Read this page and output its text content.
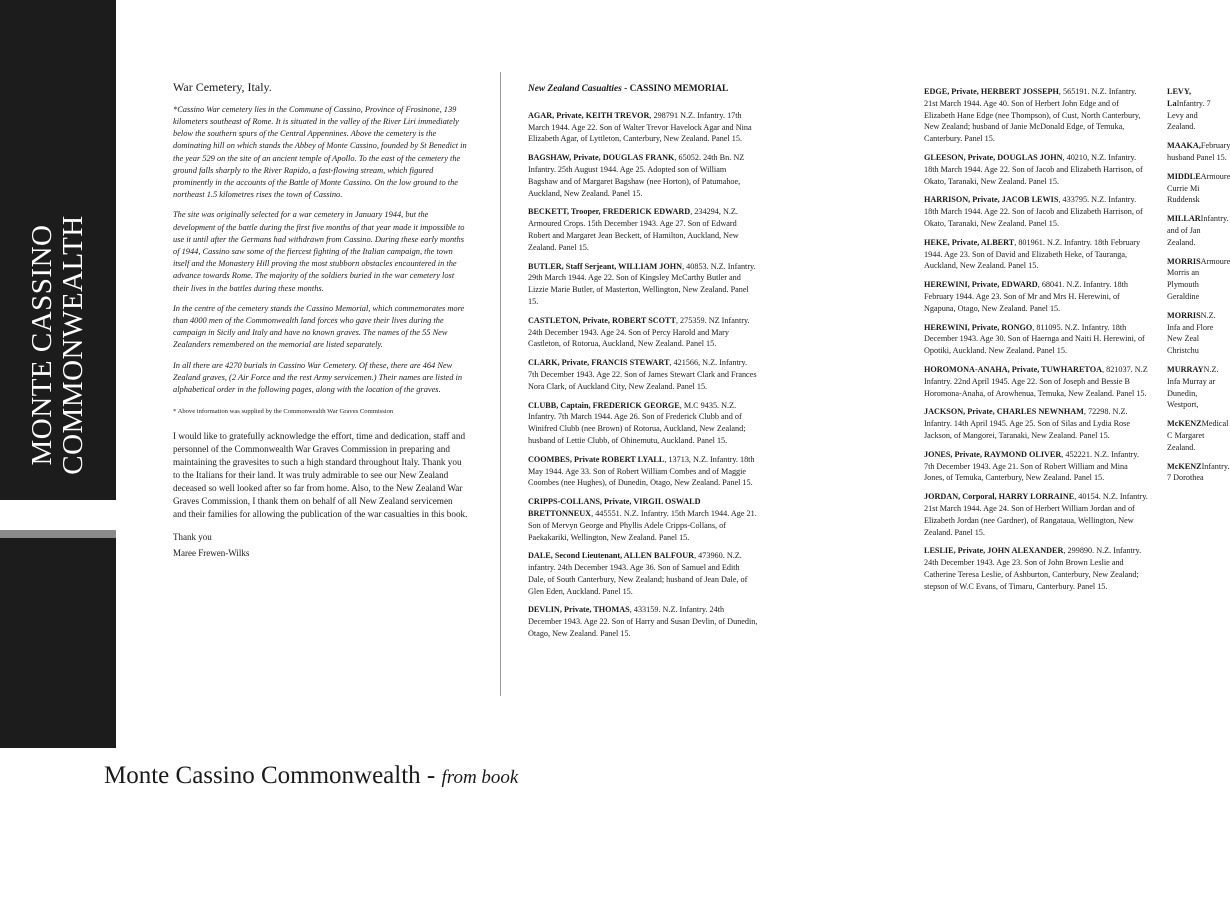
MONTE CASSINO COMMONWEALTH
War Cemetery, Italy.

*Cassino War cemetery lies in the Commune of Cassino, Province of Frosinone, 139 kilometers southeast of Rome. It is situated in the valley of the River Liri immediately below the southern spurs of the Central Appennines. Above the cemetery is the dominating hill on which stands the Abbey of Monte Cassino, founded by St Benedict in the year 529 on the site of an ancient temple of Apollo. To the east of the cemetery the ground falls sharply to the River Rapido, a fast-flowing stream, which figured prominently in the accounts of the Battle of Monte Cassino. On the low ground to the northeast 1.5 kilometres rises the town of Cassino.

The site was originally selected for a war cemetery in January 1944, but the development of the battle during the first five months of that year made it impossible to use it until after the Germans had withdrawn from Cassino. During these early months of 1944, Cassino saw some of the fiercest fighting of the Italian campaign, the town itself and the Monastery Hill proving the most stubborn obstacles encountered in the advance towards Rome. The majority of the soldiers buried in the war cemetery lost their lives in the battles during these months.

In the centre of the cemetery stands the Cassino Memorial, which commemorates more than 4000 men of the Commonwealth land forces who gave their lives during the campaign in Sicily and Italy and have no known graves. The names of the 55 New Zealanders remembered on the memorial are listed separately.

In all there are 4270 burials in Cassino War Cemetery. Of these, there are 464 New Zealand graves, (2 Air Force and the rest Army servicemen.) Their names are listed in alphabetical order in the following pages, along with the location of the graves.

* Above information was supplied by the Commonwealth War Graves Commission

I would like to gratefully acknowledge the effort, time and dedication, staff and personnel of the Commonwealth War Graves Commission in preparing and maintaining the gravesites to such a high standard throughout Italy. Thank you to the Italians for their land. It was truly admirable to see our New Zealand deceased so well looked after so far from home. Also, to the New Zealand War Graves Commission, I thank them on behalf of all New Zealand servicemen and their families for allowing the publication of the war casualties in this book.

Thank you

Maree Frewen-Wilks

New Zealand Casualties - CASSINO MEMORIAL

AGAR, Private, KEITH TREVOR, 298791 N.Z. Infantry. 17th March 1944. Age 22. Son of Walter Trevor Havelock Agar and Nina Elizabeth Agar, of Lyttleton, Canterbury, New Zealand. Panel 15.

BAGSHAW, Private, DOUGLAS FRANK, 65052. 24th Bn. NZ Infantry. 25th August 1944. Age 25. Adopted son of William Bagshaw and of Margaret Bagshaw (nee Horton), of Patumahoe, Auckland, New Zealand. Panel 15.

BECKETT, Trooper, FREDERICK EDWARD, 234294, N.Z. Armoured Crops. 15th December 1943. Age 27. Son of Edward Robert and Margaret Jean Beckett, of Hamilton, Auckland, New Zealand. Panel 15.

BUTLER, Staff Serjeant, WILLIAM JOHN, 40853. N.Z. Infantry. 29th March 1944. Age 22. Son of Kingsley McCarthy Butler and Lizzie Marie Butler, of Masterton, Wellington, New Zealand. Panel 15.

CASTLETON, Private, ROBERT SCOTT, 275359. NZ Infantry. 24th December 1943. Age 24. Son of Percy Harold and Mary Castleton, of Rotorua, Auckland, New Zealand. Panel 15.

CLARK, Private, FRANCIS STEWART, 421566, N.Z. Infantry. 7th December 1943. Age 22. Son of James Stewart Clark and Frances Nora Clark, of Auckland City, New Zealand. Panel 15.

CLUBB, Captain, FREDERICK GEORGE, M.C 9435. N.Z. Infantry. 7th March 1944. Age 26. Son of Frederick Clubb and of Winifred Clubb (nee Brown) of Rotorua, Auckland, New Zealand; husband of Lettie Clubb, of Ohinemutu, Auckland. Panel 15.

COOMBES, Private ROBERT LYALL, 13713, N.Z. Infantry. 18th May 1944. Age 33. Son of Robert William Combes and of Maggie Coombes (nee Hughes), of Dunedin, Otago, New Zealand. Panel 15.

CRIPPS-COLLANS, Private, VIRGIL OSWALD BRETTONNEUX, 445551. N.Z. Infantry. 15th March 1944. Age 21. Son of Mervyn George and Phyllis Adele Cripps-Collans, of Paekakariki, Wellington, New Zealand. Panel 15.

DALE, Second Lieutenant, ALLEN BALFOUR, 473960. N.Z. infantry. 24th December 1943. Age 36. Son of Samuel and Edith Dale, of South Canterbury, New Zealand; husband of Jean Dale, of Glen Eden, Auckland. Panel 15.

DEVLIN, Private, THOMAS, 433159. N.Z. Infantry. 24th December 1943. Age 22. Son of Harry and Susan Devlin, of Dunedin, Otago, New Zealand. Panel 15.

EDGE, Private, HERBERT JOSSEPH, 565191. N.Z. Infantry. 21st March 1944. Age 40. Son of Herbert John Edge and of Elizabeth Hane Edge (nee Thompson), of Cust, North Canterbury, New Zealand; husband of Janie McDonald Edge, of Temuka, Canterbury. Panel 15.

GLEESON, Private, DOUGLAS JOHN, 40210, N.Z. Infantry. 18th March 1944. Age 22. Son of Jacob and Elizabeth Harrison, of Okato, Taranaki, New Zealand. Panel 15.

HARRISON, Private, JACOB LEWIS, 433795. N.Z. Infantry. 18th March 1944. Age 22. Son of Jacob and Elizabeth Harrison, of Okato, Taranaki, New Zealand. Panel 15.

HEKE, Private, ALBERT, 801961. N.Z. Infantry. 18th February 1944. Age 23. Son of David and Elizabeth Heke, of Tauranga, Auckland, New Zealand. Panel 15.

HEREWINI, Private, EDWARD, 68041. N.Z. Infantry. 18th February 1944. Age 23. Son of Mr and Mrs H. Herewini, of Ngapuna, Otago, New Zealand. Panel 15.

HEREWINI, Private, RONGO, 811095. N.Z. Infantry. 18th December 1943. Age 30. Son of Haernga and Naiti H. Herewini, of Opotiki, Auckland. New Zealand. Panel 15.

HOROMONA-ANAHA, Private, TUWHARETOA, 821037. N.Z Infantry. 22nd April 1945. Age 22. Son of Joseph and Bessie B Horomona-Anaha, of Arowhenua, Temuka, New Zealand. Panel 15.

JACKSON, Private, CHARLES NEWNHAM, 72298. N.Z. Infantry. 14th April 1945. Age 25. Son of Silas and Lydia Rose Jackson, of Mangorei, Taranaki, New Zealand. Panel 15.

JONES, Private, RAYMOND OLIVER, 452221. N.Z. Infantry. 7th December 1943. Age 21. Son of Robert William and Mina Jones, of Temuka, Canterbury, New Zealand. Panel 15.

JORDAN, Corporal, HARRY LORRAINE, 40154. N.Z. Infantry. 21st March 1944. Age 24. Son of Herbert William Jordan and of Elizabeth Jordan (nee Gardner), of Rangataua, Wellington, New Zealand. Panel 15.

LESLIE, Private, JOHN ALEXANDER, 299890. N.Z. Infantry. 24th December 1943. Age 23. Son of John Brown Leslie and Catherine Teresa Leslie, of Ashburton, Canterbury, New Zealand; stepson of W.C Evans, of Timaru, Canterbury. Panel 15.

LEVY, LaInfantry. 7 Levy and Zealand.

MAAKA,February husband Panel 15.

MIDDLEArmoure Currie Mi Ruddensk

MILLARInfantry. and of Jan Zealand.

MORRISArmoure Morris an Plymouth Geraldine

MORRISN.Z. Infa and Flore New Zeal Christchu

MURRAYN.Z. Infa Murray ar Dunedin, Westport,

McKENZMedical C Margaret Zealand.

McKENZInfantry. 7 Dorothea

Monte Cassino Commonwealth - from book
